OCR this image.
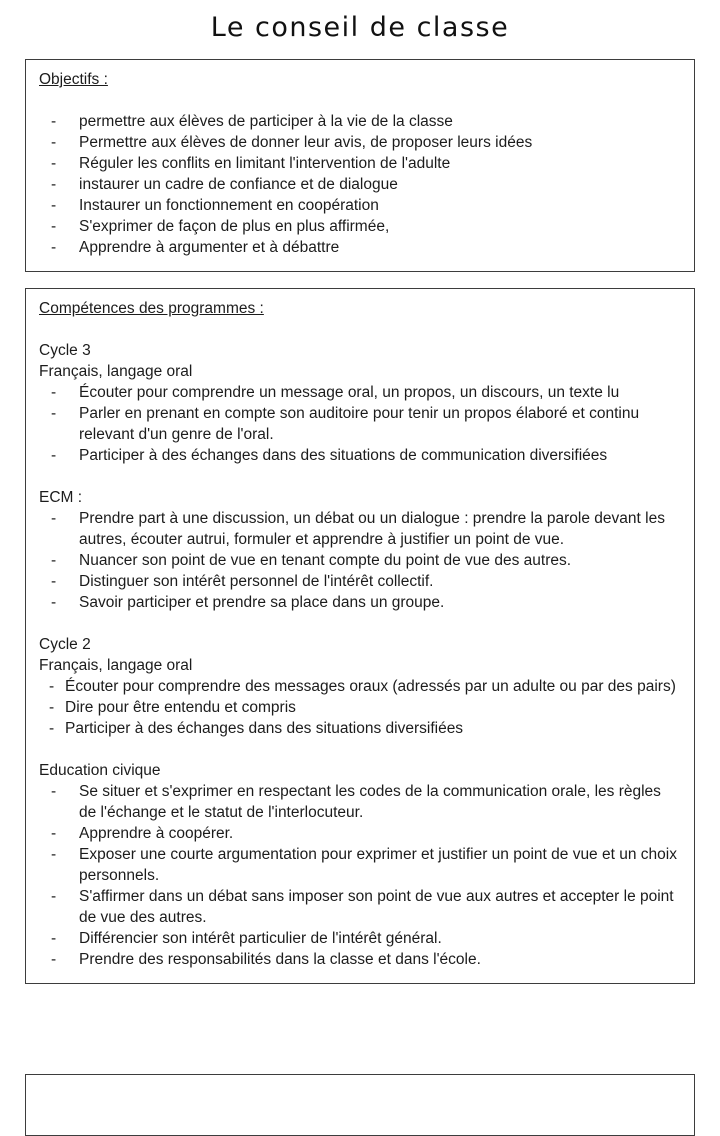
Le conseil de classe

Objectifs :

- permettre aux élèves de participer à la vie de la classe
- Permettre aux élèves de donner leur avis, de proposer leurs idées
- Réguler les conflits en limitant l'intervention de l'adulte
- instaurer un cadre de confiance et de dialogue
- Instaurer un fonctionnement en coopération
- S'exprimer de façon de plus en plus affirmée,
- Apprendre à argumenter et à débattre

Compétences des programmes :

Cycle 3

Français, langage oral

- Écouter pour comprendre un message oral, un propos, un discours, un texte lu
- Parler en prenant en compte son auditoire pour tenir un propos élaboré et continu relevant d'un genre de l'oral.
- Participer à des échanges dans des situations de communication diversifiées

ECM :

- Prendre part à une discussion, un débat ou un dialogue : prendre la parole devant les autres, écouter autrui, formuler et apprendre à justifier un point de vue.
- Nuancer son point de vue en tenant compte du point de vue des autres.
- Distinguer son intérêt personnel de l'intérêt collectif.
- Savoir participer et prendre sa place dans un groupe.

Cycle 2

Français, langage oral

- Écouter pour comprendre des messages oraux (adressés par un adulte ou par des pairs)
- Dire pour être entendu et compris
- Participer à des échanges dans des situations diversifiées

Education civique

- Se situer et s'exprimer en respectant les codes de la communication orale, les règles de l'échange et le statut de l'interlocuteur.
- Apprendre à coopérer.
- Exposer une courte argumentation pour exprimer et justifier un point de vue et un choix personnels.
- S'affirmer dans un débat sans imposer son point de vue aux autres et accepter le point de vue des autres.
- Différencier son intérêt particulier de l'intérêt général.
- Prendre des responsabilités dans la classe et dans l'école.
